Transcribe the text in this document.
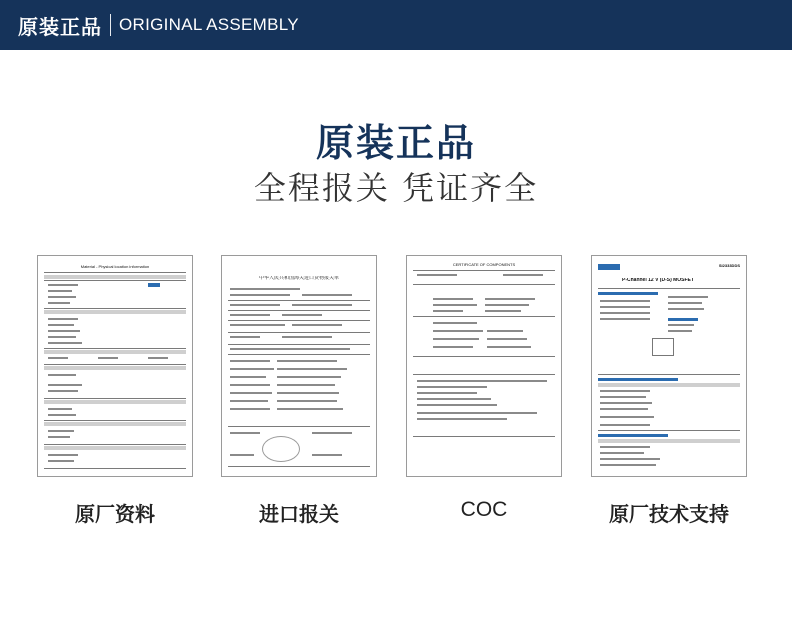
原装正品 ORIGINAL ASSEMBLY
原装正品
全程报关 凭证齐全
Material - Physical location information
中华人民共和国海关进口货物报关单
CERTIFICATE OF COMPONENTS	SI2333DDS
P-Channel 12 V (D-S) MOSFET
原厂资料	进口报关	COC	原厂技术支持
